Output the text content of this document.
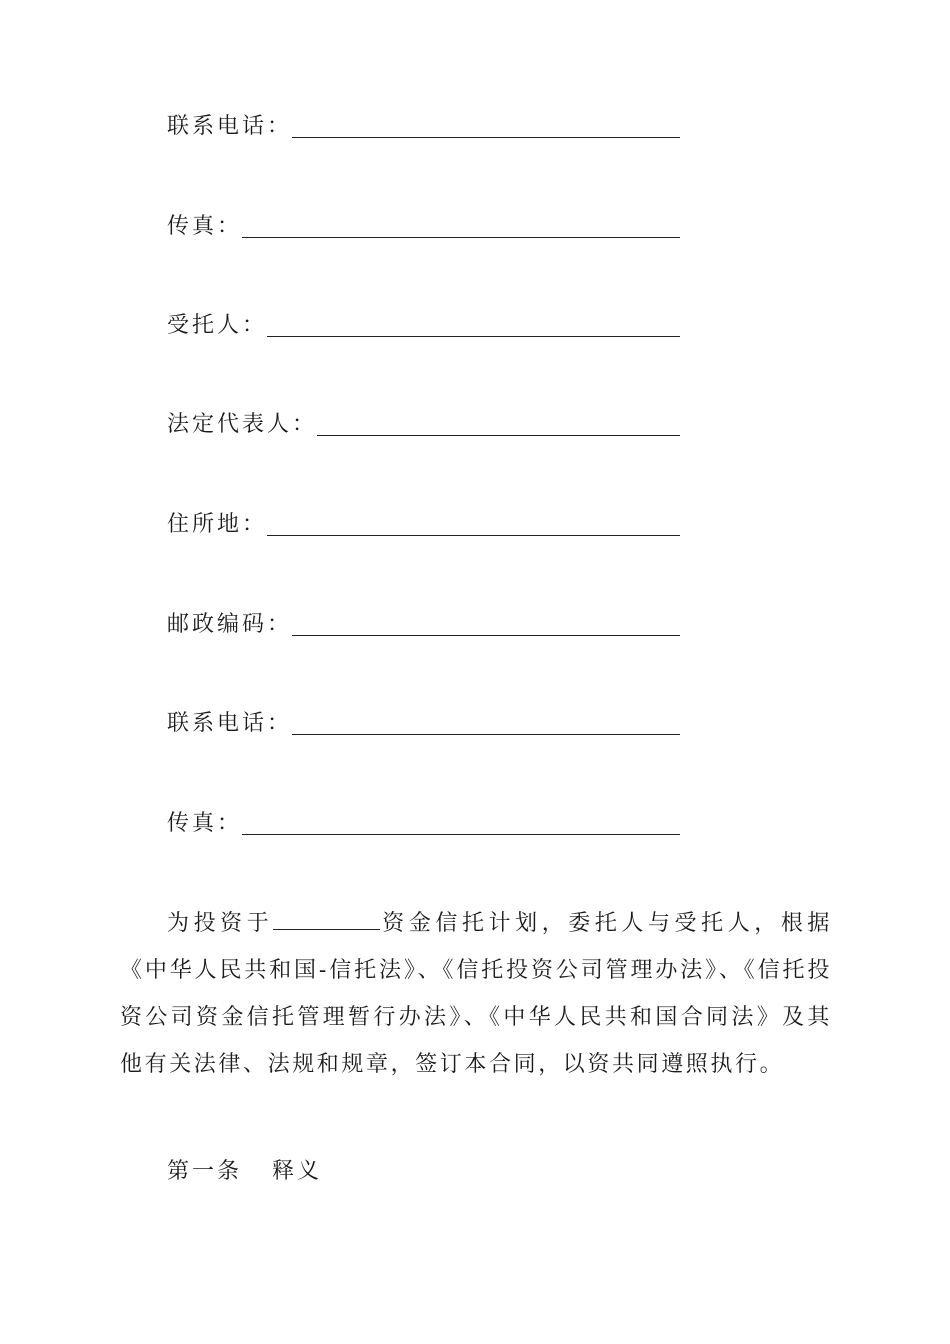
联系电话：
传真：
受托人：
法定代表人：
住所地：
邮政编码：
联系电话：
传真：

为投资于	资金信托计划，委托人与受托人，根据《中华人民共和国-信托法》、《信托投资公司管理办法》、《信托投资公司资金信托管理暂行办法》、《中华人民共和国合同法》及其他有关法律、法规和规章，签订本合同，以资共同遵照执行。

第一条 释义
